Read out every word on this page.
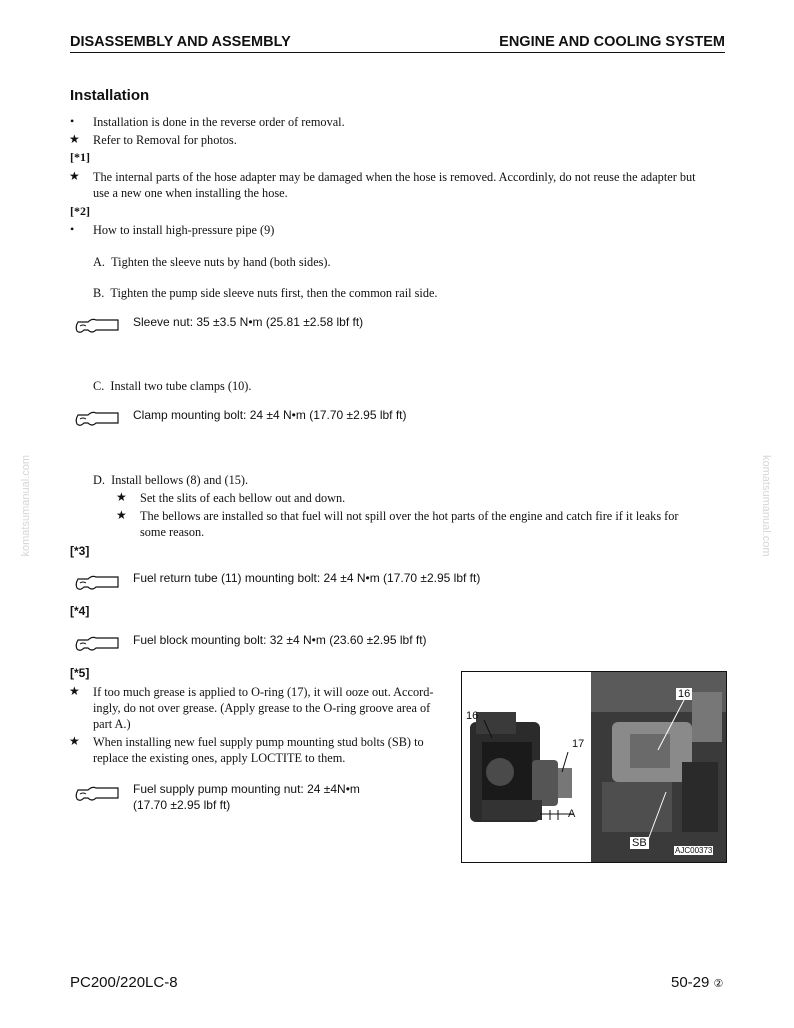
DISASSEMBLY AND ASSEMBLY	ENGINE AND COOLING SYSTEM
Installation
• Installation is done in the reverse order of removal.
★ Refer to Removal for photos.
[*1]
★ The internal parts of the hose adapter may be damaged when the hose is removed. Accordinly, do not reuse the adapter but
use a new one when installing the hose.
[*2]
• How to install high-pressure pipe (9)
A.  Tighten the sleeve nuts by hand (both sides).
B.  Tighten the pump side sleeve nuts first, then the common rail side.
Sleeve nut: 35 ±3.5 N•m (25.81 ±2.58 lbf ft)
C.  Install two tube clamps (10).
Clamp mounting bolt: 24 ±4 N•m (17.70 ±2.95 lbf ft)
D.  Install bellows (8) and (15).
★ Set the slits of each bellow out and down.
★ The bellows are installed so that fuel will not spill over the hot parts of the engine and catch fire if it leaks for
some reason.
[*3]
Fuel return tube (11) mounting bolt: 24 ±4 N•m (17.70 ±2.95 lbf ft)
[*4]
Fuel block mounting bolt: 32 ±4 N•m (23.60 ±2.95 lbf ft)
[*5]
★ If too much grease is applied to O-ring (17), it will ooze out. Accord-
ingly, do not over grease. (Apply grease to the O-ring groove area of
part A.)
★ When installing new fuel supply pump mounting stud bolts (SB) to
replace the existing ones, apply LOCTITE to them.
Fuel supply pump mounting nut: 24 ±4N•m
(17.70 ±2.95 lbf ft)
16
17
A
16
SB
AJC00373
komatsumanual.com	komatsumanual.com
PC200/220LC-8	50-29 ②
